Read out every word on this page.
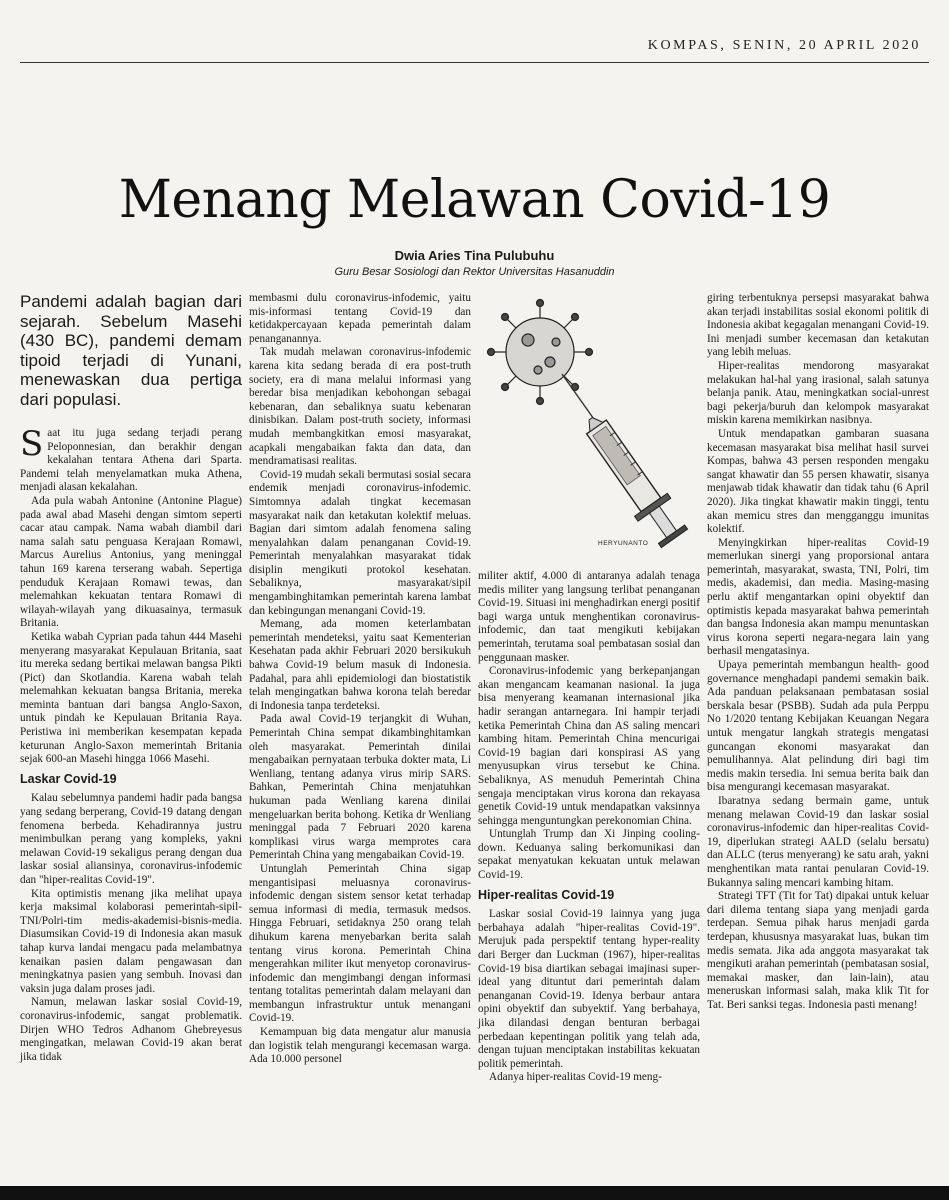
KOMPAS, SENIN, 20 APRIL 2020
Menang Melawan Covid-19
Dwia Aries Tina Pulubuhu
Guru Besar Sosiologi dan Rektor Universitas Hasanuddin
Pandemi adalah bagian dari sejarah. Sebelum Masehi (430 BC), pandemi demam tipoid terjadi di Yunani, menewaskan dua pertiga dari populasi.

Saat itu juga sedang terjadi perang Peloponnesian, dan berakhir dengan kekalahan tentara Athena dari Sparta. Pandemi telah menyelamatkan muka Athena, menjadi alasan kekalahan.

Ada pula wabah Antonine (Antonine Plague) pada awal abad Masehi dengan simtom seperti cacar atau campak. Nama wabah diambil dari nama salah satu penguasa Kerajaan Romawi, Marcus Aurelius Antonius, yang meninggal tahun 169 karena terserang wabah. Sepertiga penduduk Kerajaan Romawi tewas, dan melemahkan kekuatan tentara Romawi di wilayah-wilayah yang dikuasainya, termasuk Britania.

Ketika wabah Cyprian pada tahun 444 Masehi menyerang masyarakat Kepulauan Britania, saat itu mereka sedang bertikai melawan bangsa Pikti (Pict) dan Skotlandia. Karena wabah telah melemahkan kekuatan bangsa Britania, mereka meminta bantuan dari bangsa Anglo-Saxon, untuk pindah ke Kepulauan Britania Raya. Peristiwa ini memberikan kesempatan kepada keturunan Anglo-Saxon memerintah Britania sejak 600-an Masehi hingga 1066 Masehi.

Laskar Covid-19

Kalau sebelumnya pandemi hadir pada bangsa yang sedang berperang, Covid-19 datang dengan fenomena berbeda. Kehadirannya justru menimbulkan perang yang kompleks, yakni melawan Covid-19 sekaligus perang dengan dua laskar sosial aliansinya, coronavirus-infodemic dan "hiper-realitas Covid-19".

Kita optimistis menang jika melihat upaya kerja maksimal kolaborasi pemerintah-sipil-TNI/Polri-tim medis-akademisi-bisnis-media. Diasumsikan Covid-19 di Indonesia akan masuk tahap kurva landai mengacu pada melambatnya kenaikan pasien dalam pengawasan dan meningkatnya pasien yang sembuh. Inovasi dan vaksin juga dalam proses jadi.

Namun, melawan laskar sosial Covid-19, coronavirus-infodemic, sangat problematik. Dirjen WHO Tedros Adhanom Ghebreyesus mengingatkan, melawan Covid-19 akan berat jika tidak

membasmi dulu coronavirus-infodemic, yaitu mis-informasi tentang Covid-19 dan ketidakpercayaan kepada pemerintah dalam penanganannya.

Tak mudah melawan coronavirus-infodemic karena kita sedang berada di era post-truth society, era di mana melalui informasi yang beredar bisa menjadikan kebohongan sebagai kebenaran, dan sebaliknya suatu kebenaran dinisbikan. Dalam post-truth society, informasi mudah membangkitkan emosi masyarakat, acapkali mengabaikan fakta dan data, dan mendramatisasi realitas.

Covid-19 mudah sekali bermutasi sosial secara endemik menjadi coronavirus-infodemic. Simtomnya adalah tingkat kecemasan masyarakat naik dan ketakutan kolektif meluas. Bagian dari simtom adalah fenomena saling menyalahkan dalam penanganan Covid-19. Pemerintah menyalahkan masyarakat tidak disiplin mengikuti protokol kesehatan. Sebaliknya, masyarakat/sipil mengambinghitamkan pemerintah karena lambat dan kebingungan menangani Covid-19.

Memang, ada momen keterlambatan pemerintah mendeteksi, yaitu saat Kementerian Kesehatan pada akhir Februari 2020 bersikukuh bahwa Covid-19 belum masuk di Indonesia. Padahal, para ahli epidemiologi dan biostatistik telah mengingatkan bahwa korona telah beredar di Indonesia tanpa terdeteksi.

Pada awal Covid-19 terjangkit di Wuhan, Pemerintah China sempat dikambinghitamkan oleh masyarakat. Pemerintah dinilai mengabaikan pernyataan terbuka dokter mata, Li Wenliang, tentang adanya virus mirip SARS. Bahkan, Pemerintah China menjatuhkan hukuman pada Wenliang karena dinilai mengeluarkan berita bohong. Ketika dr Wenliang meninggal pada 7 Februari 2020 karena komplikasi virus warga memprotes cara Pemerintah China yang mengabaikan Covid-19.

Untunglah Pemerintah China sigap mengantisipasi meluasnya coronavirus-infodemic dengan sistem sensor ketat terhadap semua informasi di media, termasuk medsos. Hingga Februari, setidaknya 250 orang telah dihukum karena menyebarkan berita salah tentang virus korona. Pemerintah China mengerahkan militer ikut menyetop coronavirus-infodemic dan mengimbangi dengan informasi tentang totalitas pemerintah dalam melayani dan membangun infrastruktur untuk menangani Covid-19.

Kemampuan big data mengatur alur manusia dan logistik telah mengurangi kecemasan warga. Ada 10.000 personel

HERYUNANTO

militer aktif, 4.000 di antaranya adalah tenaga medis militer yang langsung terlibat penanganan Covid-19. Situasi ini menghadirkan energi positif bagi warga untuk menghentikan coronavirus-infodemic, dan taat mengikuti kebijakan pemerintah, terutama soal pembatasan sosial dan penggunaan masker.

Coronavirus-infodemic yang berkepanjangan akan mengancam keamanan nasional. Ia juga bisa menyerang keamanan internasional jika hadir serangan antarnegara. Ini hampir terjadi ketika Pemerintah China dan AS saling mencari kambing hitam. Pemerintah China mencurigai Covid-19 bagian dari konspirasi AS yang menyusupkan virus tersebut ke China. Sebaliknya, AS menuduh Pemerintah China sengaja menciptakan virus korona dan rekayasa genetik Covid-19 untuk mendapatkan vaksinnya sehingga menguntungkan perekonomian China.

Untunglah Trump dan Xi Jinping cooling-down. Keduanya saling berkomunikasi dan sepakat menyatukan kekuatan untuk melawan Covid-19.

Hiper-realitas Covid-19

Laskar sosial Covid-19 lainnya yang juga berbahaya adalah "hiper-realitas Covid-19". Merujuk pada perspektif tentang hyper-reality dari Berger dan Luckman (1967), hiper-realitas Covid-19 bisa diartikan sebagai imajinasi super-ideal yang dituntut dari pemerintah dalam penanganan Covid-19. Idenya berbaur antara opini obyektif dan subyektif. Yang berbahaya, jika dilandasi dengan benturan berbagai perbedaan kepentingan politik yang telah ada, dengan tujuan menciptakan instabilitas kekuatan politik pemerintah.

Adanya hiper-realitas Covid-19 meng-

giring terbentuknya persepsi masyarakat bahwa akan terjadi instabilitas sosial ekonomi politik di Indonesia akibat kegagalan menangani Covid-19. Ini menjadi sumber kecemasan dan ketakutan yang lebih meluas.

Hiper-realitas mendorong masyarakat melakukan hal-hal yang irasional, salah satunya belanja panik. Atau, meningkatkan social-unrest bagi pekerja/buruh dan kelompok masyarakat miskin karena memikirkan nasibnya.

Untuk mendapatkan gambaran suasana kecemasan masyarakat bisa melihat hasil survei Kompas, bahwa 43 persen responden mengaku sangat khawatir dan 55 persen khawatir, sisanya menjawab tidak khawatir dan tidak tahu (6 April 2020). Jika tingkat khawatir makin tinggi, tentu akan memicu stres dan mengganggu imunitas kolektif.

Menyingkirkan hiper-realitas Covid-19 memerlukan sinergi yang proporsional antara pemerintah, masyarakat, swasta, TNI, Polri, tim medis, akademisi, dan media. Masing-masing perlu aktif mengantarkan opini obyektif dan optimistis kepada masyarakat bahwa pemerintah dan bangsa Indonesia akan mampu menuntaskan virus korona seperti negara-negara lain yang berhasil mengatasinya.

Upaya pemerintah membangun health- good governance menghadapi pandemi semakin baik. Ada panduan pelaksanaan pembatasan sosial berskala besar (PSBB). Sudah ada pula Perppu No 1/2020 tentang Kebijakan Keuangan Negara untuk mengatur langkah strategis mengatasi guncangan ekonomi masyarakat dan pemulihannya. Alat pelindung diri bagi tim medis makin tersedia. Ini semua berita baik dan bisa mengurangi kecemasan masyarakat.

Ibaratnya sedang bermain game, untuk menang melawan Covid-19 dan laskar sosial coronavirus-infodemic dan hiper-realitas Covid-19, diperlukan strategi AALD (selalu bersatu) dan ALLC (terus menyerang) ke satu arah, yakni menghentikan mata rantai penularan Covid-19. Bukannya saling mencari kambing hitam.

Strategi TFT (Tit for Tat) dipakai untuk keluar dari dilema tentang siapa yang menjadi garda terdepan. Semua pihak harus menjadi garda terdepan, khususnya masyarakat luas, bukan tim medis semata. Jika ada anggota masyarakat tak mengikuti arahan pemerintah (pembatasan sosial, memakai masker, dan lain-lain), atau meneruskan informasi salah, maka klik Tit for Tat. Beri sanksi tegas. Indonesia pasti menang!
